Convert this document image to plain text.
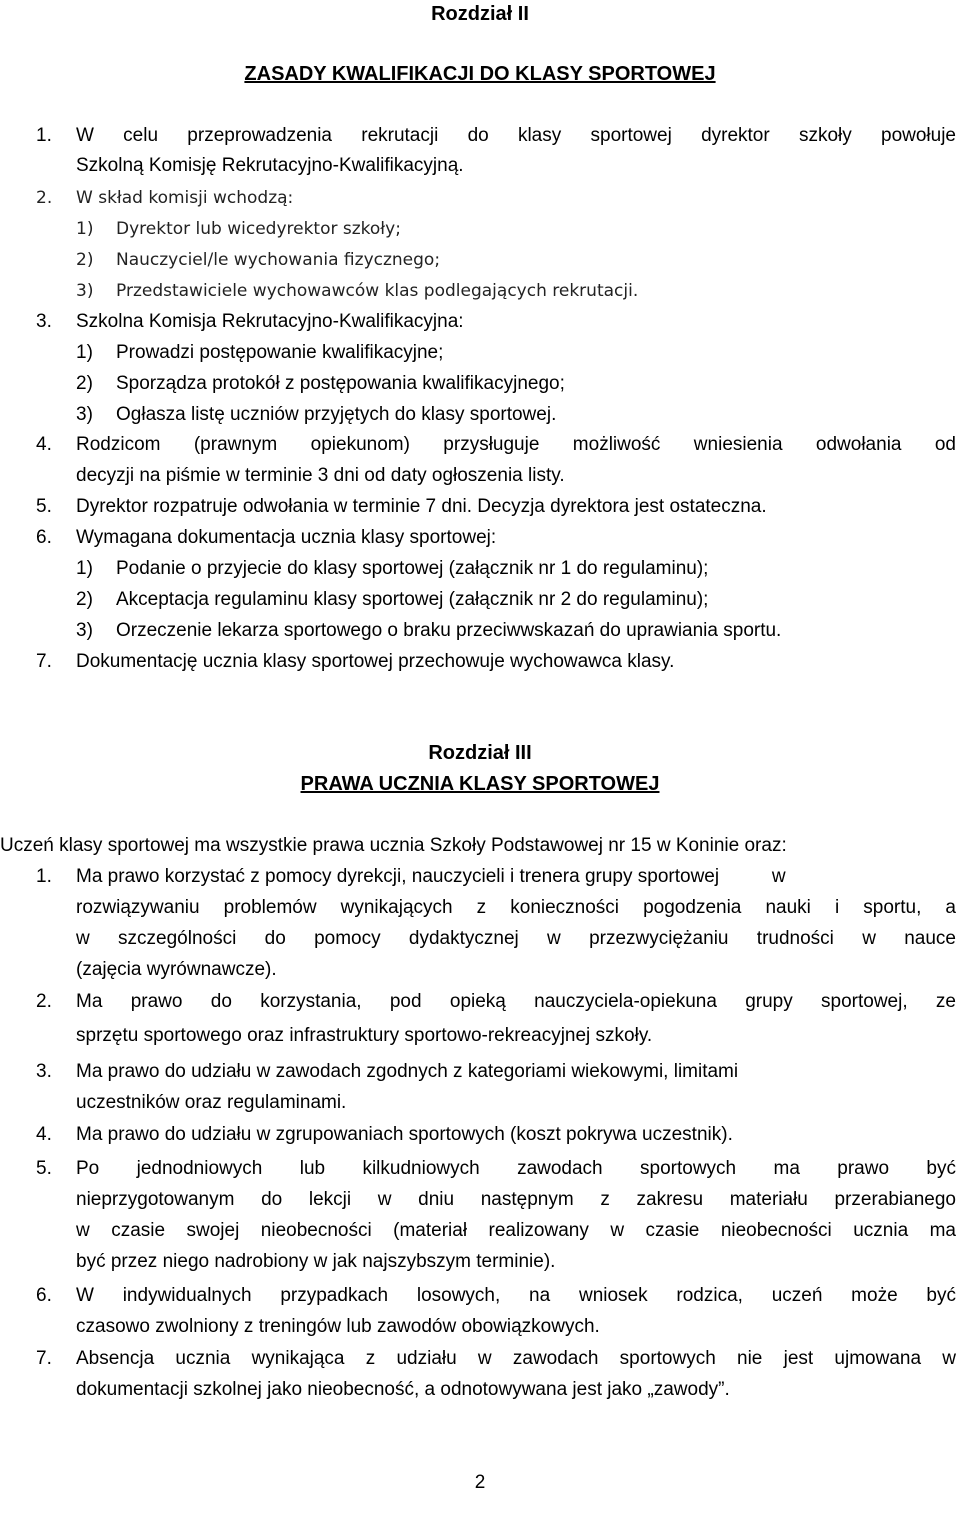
Rozdział II
ZASADY KWALIFIKACJI DO KLASY SPORTOWEJ
1. W celu przeprowadzenia rekrutacji do klasy sportowej dyrektor szkoły powołuje
Szkolną Komisję Rekrutacyjno-Kwalifikacyjną.
2. W skład komisji wchodzą:
1) Dyrektor lub wicedyrektor szkoły;
2) Nauczyciel/le wychowania fizycznego;
3) Przedstawiciele wychowawców klas podlegających rekrutacji.
3. Szkolna Komisja Rekrutacyjno-Kwalifikacyjna:
1) Prowadzi postępowanie kwalifikacyjne;
2) Sporządza protokół z postępowania kwalifikacyjnego;
3) Ogłasza listę uczniów przyjętych do klasy sportowej.
4. Rodzicom (prawnym opiekunom) przysługuje możliwość wniesienia odwołania od
decyzji na piśmie w terminie 3 dni od daty ogłoszenia listy.
5. Dyrektor rozpatruje odwołania w terminie 7 dni. Decyzja dyrektora jest ostateczna.
6. Wymagana dokumentacja ucznia klasy sportowej:
1) Podanie o przyjecie do klasy sportowej (załącznik nr 1 do regulaminu);
2) Akceptacja regulaminu klasy sportowej (załącznik nr 2 do regulaminu);
3) Orzeczenie lekarza sportowego o braku przeciwwskazań do uprawiania sportu.
7. Dokumentację ucznia klasy sportowej przechowuje wychowawca klasy.
Rozdział III
PRAWA UCZNIA KLASY SPORTOWEJ
Uczeń klasy sportowej ma wszystkie prawa ucznia Szkoły Podstawowej nr 15 w Koninie oraz:
1. Ma prawo korzystać z pomocy dyrekcji, nauczycieli i trenera grupy sportowej          w
rozwiązywaniu problemów wynikających z konieczności pogodzenia nauki i sportu, a
w szczególności do pomocy dydaktycznej w przezwyciężaniu trudności w nauce
(zajęcia wyrównawcze).
2. Ma prawo do korzystania, pod opieką nauczyciela-opiekuna grupy sportowej, ze
sprzętu sportowego oraz infrastruktury sportowo-rekreacyjnej szkoły.
3. Ma prawo do udziału w zawodach zgodnych z kategoriami wiekowymi, limitami
uczestników oraz regulaminami.
4. Ma prawo do udziału w zgrupowaniach sportowych (koszt pokrywa uczestnik).
5. Po jednodniowych lub kilkudniowych zawodach sportowych ma prawo być
nieprzygotowanym do lekcji w dniu następnym z zakresu materiału przerabianego
w czasie swojej nieobecności (materiał realizowany w czasie nieobecności ucznia ma
być przez niego nadrobiony w jak najszybszym terminie).
6. W indywidualnych przypadkach losowych, na wniosek rodzica, uczeń może być
czasowo zwolniony z treningów lub zawodów obowiązkowych.
7. Absencja ucznia wynikająca z udziału w zawodach sportowych nie jest ujmowana w
dokumentacji szkolnej jako nieobecność, a odnotowywana jest jako „zawody”.
2
